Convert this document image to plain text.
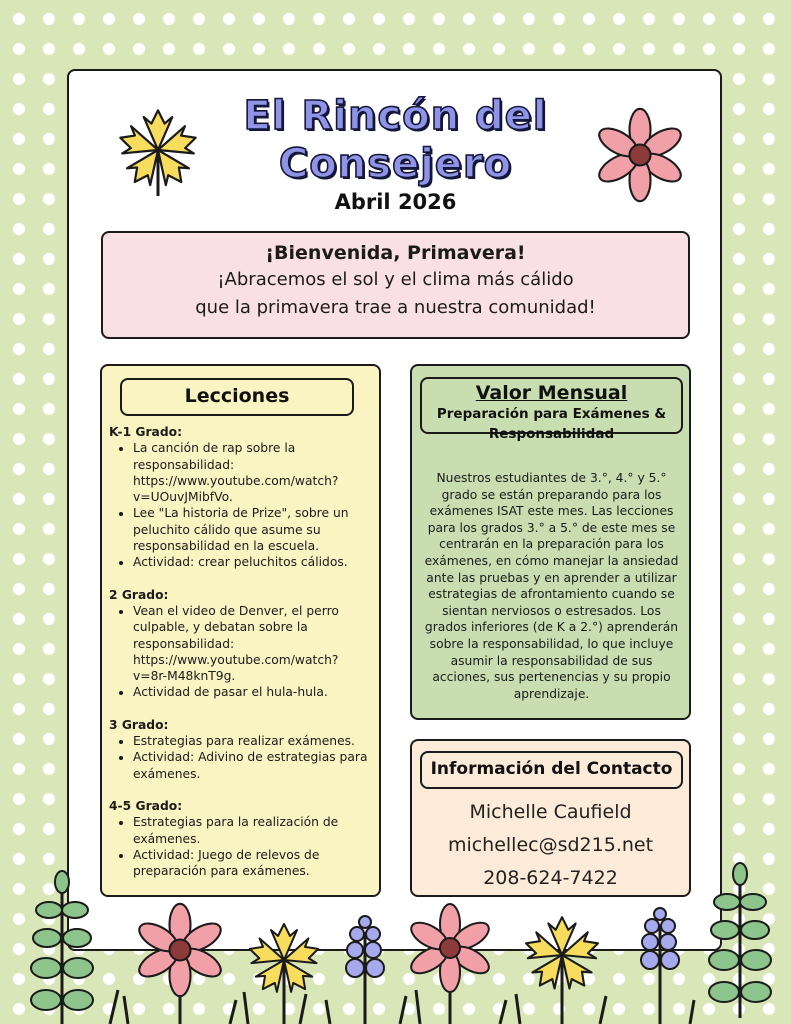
El Rincón del
Consejero
Abril 2026
¡Bienvenida, Primavera!
¡Abracemos el sol y el clima más cálido
que la primavera trae a nuestra comunidad!
Lecciones
K-1 Grado:
• La canción de rap sobre la responsabilidad: https://www.youtube.com/watch?v=UOuvJMibfVo.
• Lee "La historia de Prize", sobre un peluchito cálido que asume su responsabilidad en la escuela.
• Actividad: crear peluchitos cálidos.
2 Grado:
• Vean el video de Denver, el perro culpable, y debatan sobre la responsabilidad: https://www.youtube.com/watch?v=8r-M48knT9g.
• Actividad de pasar el hula-hula.
3 Grado:
• Estrategias para realizar exámenes.
• Actividad: Adivino de estrategias para exámenes.
4-5 Grado:
• Estrategias para la realización de exámenes.
• Actividad: Juego de relevos de preparación para exámenes.
Valor Mensual
Preparación para Exámenes &
Responsabilidad
Nuestros estudiantes de 3.°, 4.° y 5.° grado se están preparando para los exámenes ISAT este mes. Las lecciones para los grados 3.° a 5.° de este mes se centrarán en la preparación para los exámenes, en cómo manejar la ansiedad ante las pruebas y en aprender a utilizar estrategias de afrontamiento cuando se sientan nerviosos o estresados. Los grados inferiores (de K a 2.°) aprenderán sobre la responsabilidad, lo que incluye asumir la responsabilidad de sus acciones, sus pertenencias y su propio aprendizaje.
Información del Contacto
Michelle Caufield
michellec@sd215.net
208-624-7422
